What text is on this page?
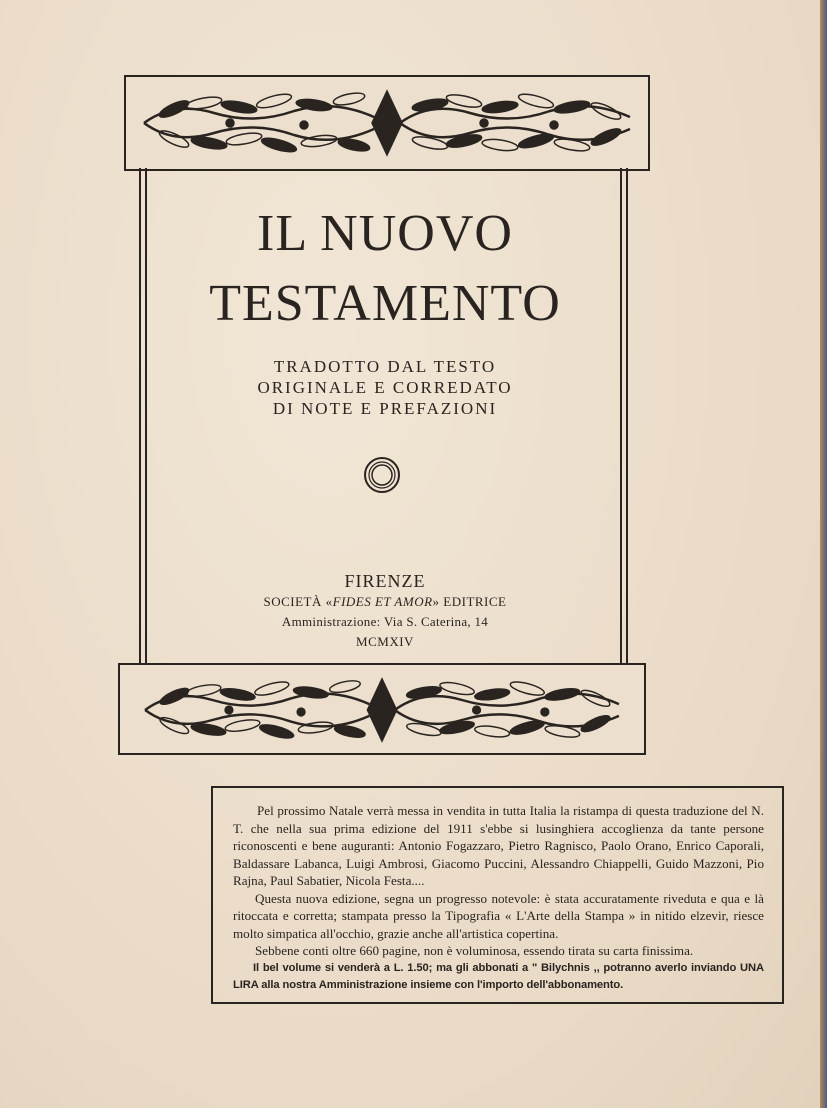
IL NUOVO
TESTAMENTO
TRADOTTO DAL TESTO
ORIGINALE E CORREDATO
DI NOTE E PREFAZIONI
FIRENZE
SOCIETÀ «FIDES ET AMOR» EDITRICE
Amministrazione: Via S. Caterina, 14
MCMXIV

Pel prossimo Natale verrà messa in vendita in tutta Italia la ristampa di questa traduzione del N. T. che nella sua prima edizione del 1911 s'ebbe si lusinghiera accoglienza da tante persone riconoscenti e bene auguranti: Antonio Fogazzaro, Pietro Ragnisco, Paolo Orano, Enrico Caporali, Baldassare Labanca, Luigi Ambrosi, Giacomo Puccini, Alessandro Chiappelli, Guido Mazzoni, Pio Rajna, Paul Sabatier, Nicola Festa....

Questa nuova edizione, segna un progresso notevole: è stata accuratamente riveduta e qua e là ritoccata e corretta; stampata presso la Tipografia « L'Arte della Stampa » in nitido elzevir, riesce molto simpatica all'occhio, grazie anche all'artistica copertina.

Sebbene conti oltre 660 pagine, non è voluminosa, essendo tirata su carta finissima.

Il bel volume si venderà a L. 1.50; ma gli abbonati a " Bilychnis ,, potranno averlo inviando UNA LIRA alla nostra Amministrazione insieme con l'importo dell'abbonamento.
